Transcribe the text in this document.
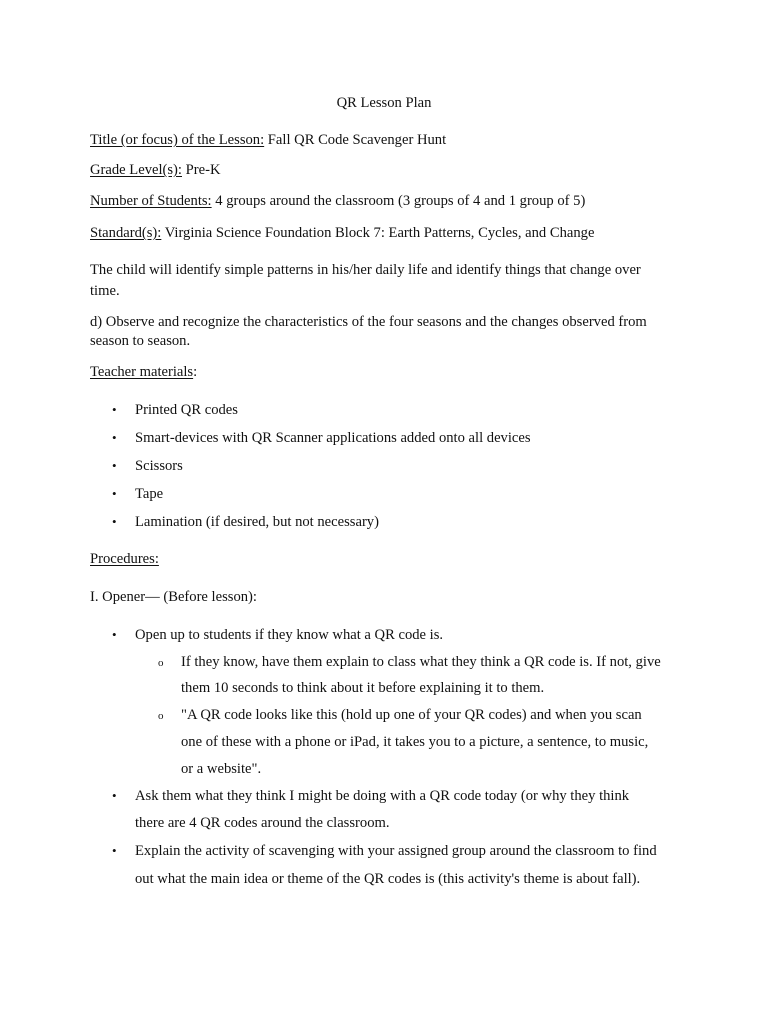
QR Lesson Plan
Title (or focus) of the Lesson: Fall QR Code Scavenger Hunt
Grade Level(s): Pre-K
Number of Students: 4 groups around the classroom (3 groups of 4 and 1 group of 5)
Standard(s): Virginia Science Foundation Block 7: Earth Patterns, Cycles, and Change
The child will identify simple patterns in his/her daily life and identify things that change over
time.
d) Observe and recognize the characteristics of the four seasons and the changes observed from
season to season.
Teacher materials:
• Printed QR codes
• Smart-devices with QR Scanner applications added onto all devices
• Scissors
• Tape
• Lamination (if desired, but not necessary)
Procedures:
I. Opener— (Before lesson):
• Open up to students if they know what a QR code is.
o If they know, have them explain to class what they think a QR code is. If not, give
them 10 seconds to think about it before explaining it to them.
o "A QR code looks like this (hold up one of your QR codes) and when you scan
one of these with a phone or iPad, it takes you to a picture, a sentence, to music,
or a website".
• Ask them what they think I might be doing with a QR code today (or why they think
there are 4 QR codes around the classroom.
• Explain the activity of scavenging with your assigned group around the classroom to find
out what the main idea or theme of the QR codes is (this activity's theme is about fall).
